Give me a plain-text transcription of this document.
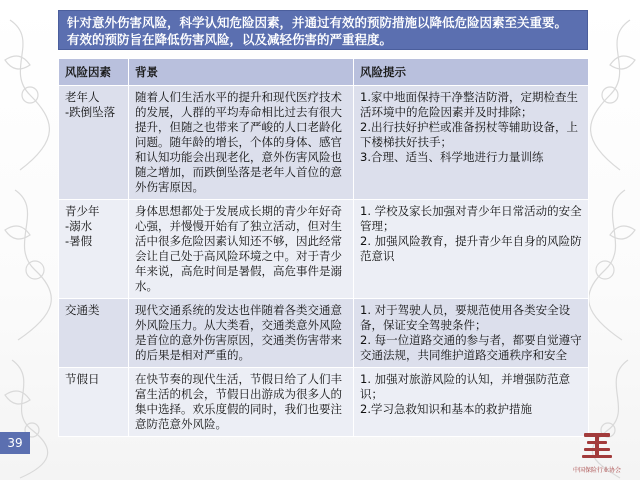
针对意外伤害风险，科学认知危险因素，并通过有效的预防措施以降低危险因素至关重要。有效的预防旨在降低伤害风险，以及减轻伤害的严重程度。
风险因素	背景	风险提示

老年人
-跌倒坠落	随着人们生活水平的提升和现代医疗技术的发展，人群的平均寿命相比过去有很大提升，但随之也带来了严峻的人口老龄化问题。随年龄的增长，个体的身体、感官和认知功能会出现老化，意外伤害风险也随之增加，而跌倒坠落是老年人首位的意外伤害原因。	1.家中地面保持干净整洁防滑，定期检查生活环境中的危险因素并及时排除；
2.出行扶好护栏或准备拐杖等辅助设备，上下楼梯扶好扶手；
3.合理、适当、科学地进行力量训练

青少年
-溺水
-暑假	身体思想都处于发展成长期的青少年好奇心强，并慢慢开始有了独立活动，但对生活中很多危险因素认知还不够，因此经常会让自己处于高风险环境之中。对于青少年来说，高危时间是暑假，高危事件是溺水。	1. 学校及家长加强对青少年日常活动的安全管理；
2. 加强风险教育，提升青少年自身的风险防范意识

交通类	现代交通系统的发达也伴随着各类交通意外风险压力。从大类看，交通类意外风险是首位的意外伤害原因，交通类伤害带来的后果是相对严重的。	1. 对于驾驶人员，要规范使用各类安全设备，保证安全驾驶条件；
2. 每一位道路交通的参与者，都要自觉遵守交通法规，共同维护道路交通秩序和安全

节假日	在快节奏的现代生活，节假日给了人们丰富生活的机会，节假日出游成为很多人的集中选择。欢乐度假的同时，我们也要注意防范意外风险。	1. 加强对旅游风险的认知，并增强防范意识；
2.学习急救知识和基本的救护措施
39
中国保险行业协会
